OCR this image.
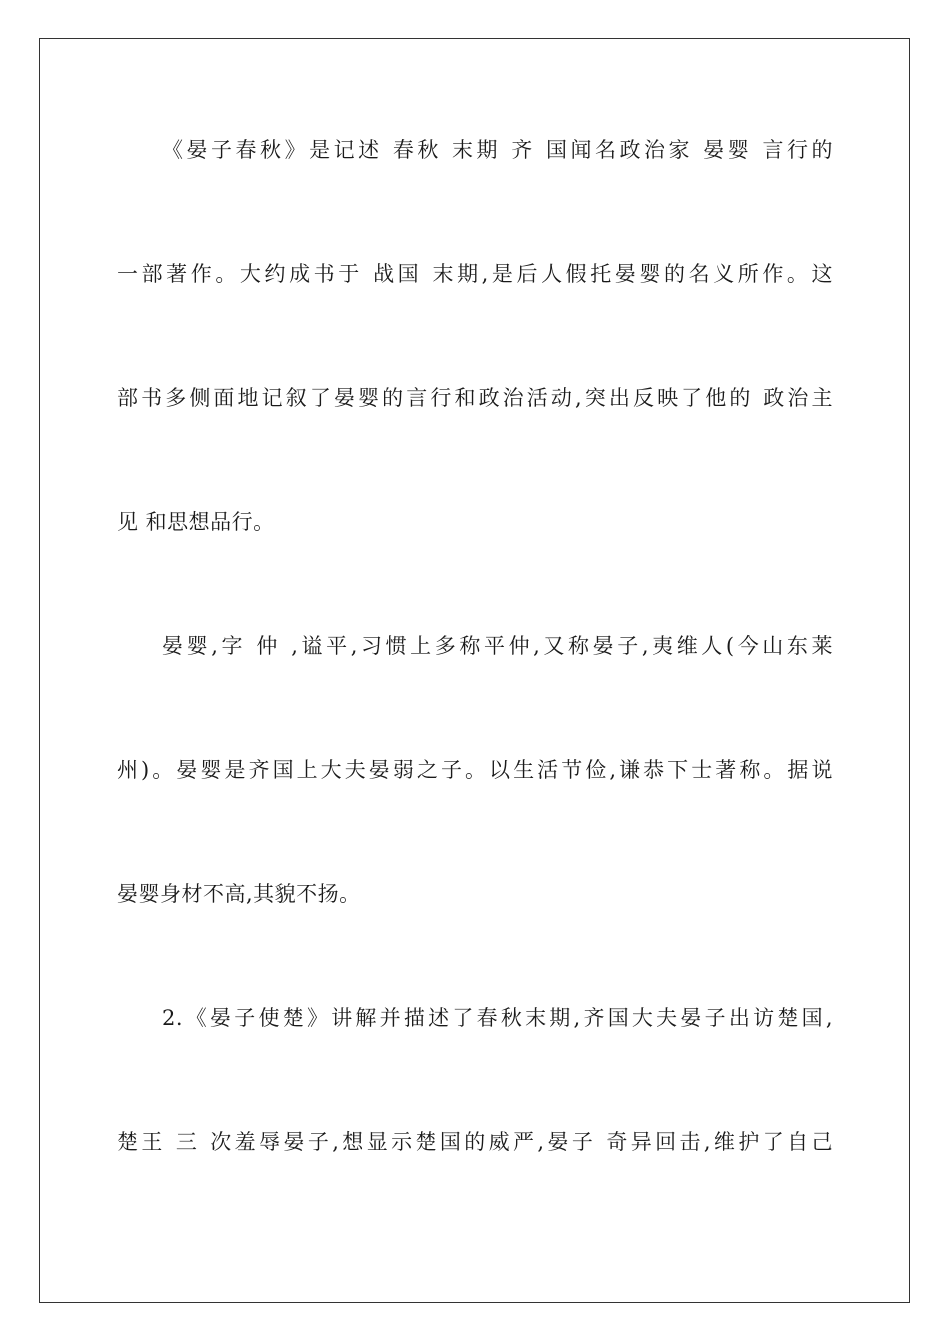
《晏子春秋》是记述 春秋 末期 齐 国闻名政治家 晏婴 言行的
一部著作。大约成书于 战国 末期,是后人假托晏婴的名义所作。这
部书多侧面地记叙了晏婴的言行和政治活动,突出反映了他的 政治主
见 和思想品行。
晏婴,字 仲 ,谥平,习惯上多称平仲,又称晏子,夷维人(今山东莱
州)。晏婴是齐国上大夫晏弱之子。以生活节俭,谦恭下士著称。据说
晏婴身材不高,其貌不扬。
2.《晏子使楚》讲解并描述了春秋末期,齐国大夫晏子出访楚国,
楚王 三 次羞辱晏子,想显示楚国的威严,晏子 奇异回击,维护了自己
